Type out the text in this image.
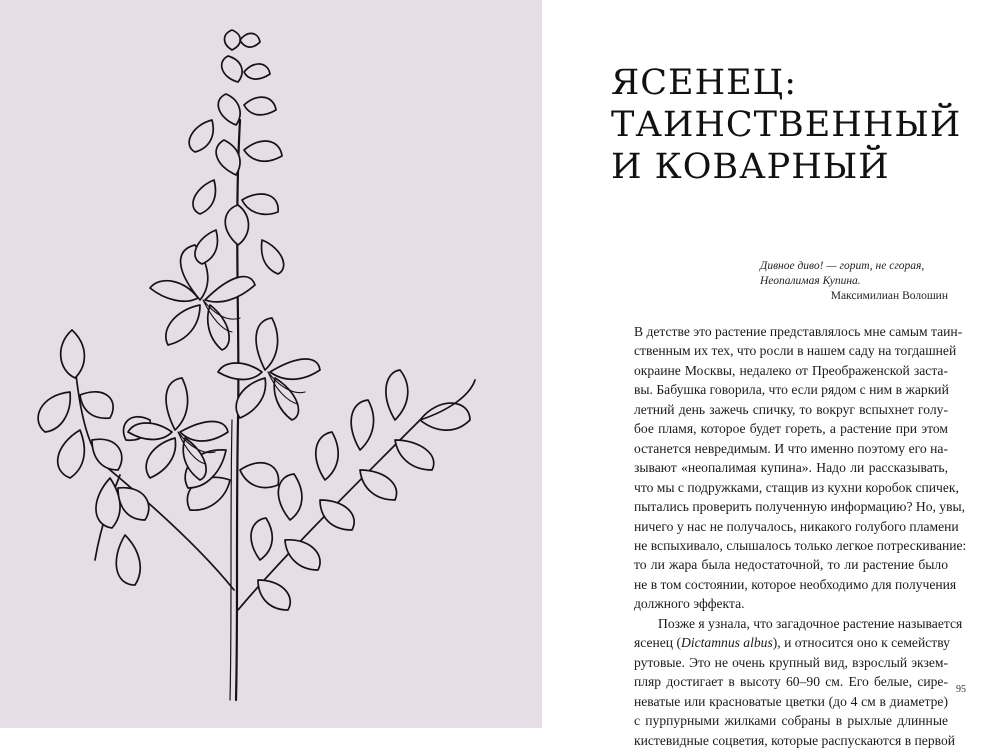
ЯСЕНЕЦ:
ТАИНСТВЕННЫЙ
И КОВАРНЫЙ
Дивное диво! — горит, не сгорая,
Неопалимая Купина.
Максимилиан Волошин
В детстве это растение представлялось мне самым таин-
ственным их тех, что росли в нашем саду на тогдашней
окраине Москвы, недалеко от Преображенской заста-
вы. Бабушка говорила, что если рядом с ним в жаркий
летний день зажечь спичку, то вокруг вспыхнет голу-
бое пламя, которое будет гореть, а растение при этом
останется невредимым. И что именно поэтому его на-
зывают «неопалимая купина». Надо ли рассказывать,
что мы с подружками, стащив из кухни коробок спичек,
пытались проверить полученную информацию? Но, увы,
ничего у нас не получалось, никакого голубого пламени
не вспыхивало, слышалось только легкое потрескивание:
то ли жара была недостаточной, то ли растение было
не в том состоянии, которое необходимо для получения
должного эффекта.
Позже я узнала, что загадочное растение называется
ясенец (Dictamnus albus), и относится оно к семейству
рутовые. Это не очень крупный вид, взрослый экзем-
пляр достигает в высоту 60–90 см. Его белые, сире-
неватые или красноватые цветки (до 4 см в диаметре)
с пурпурными жилками собраны в рыхлые длинные
кистевидные соцветия, которые распускаются в первой
95
